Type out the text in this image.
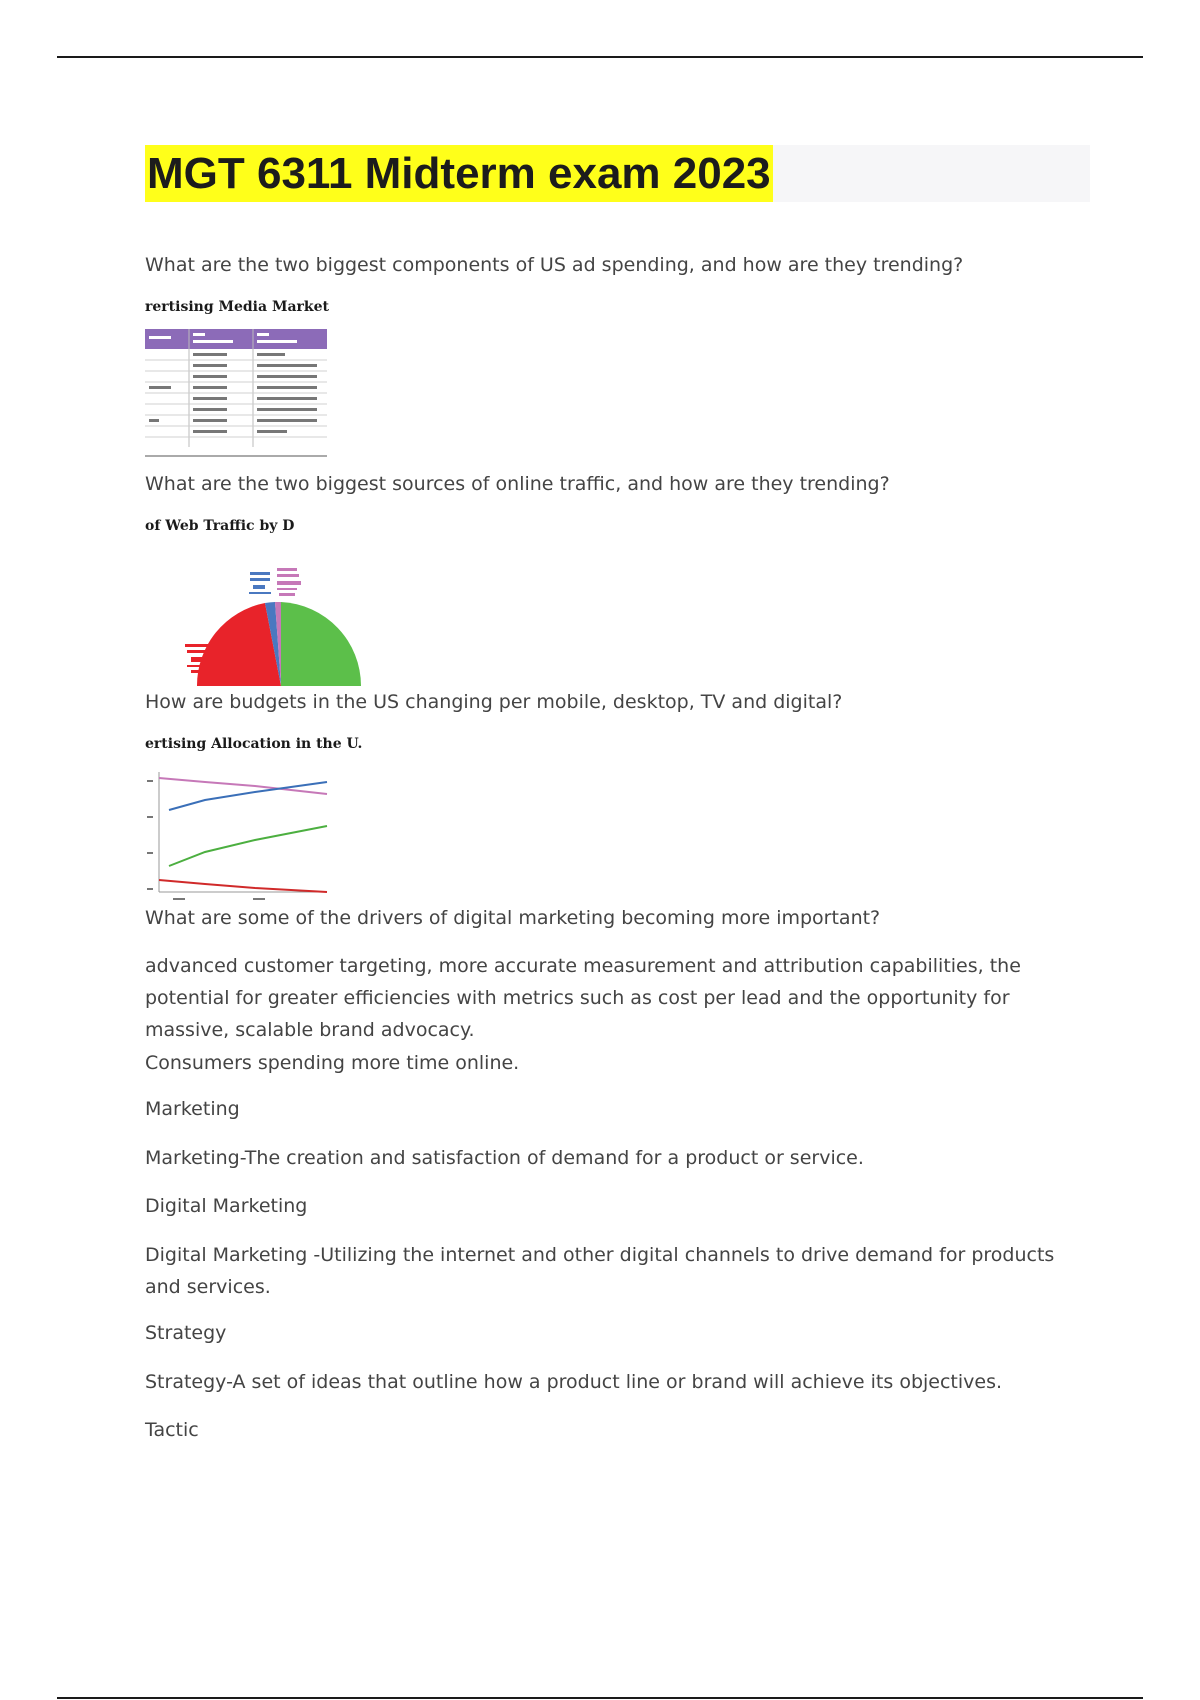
MGT 6311 Midterm exam 2023

What are the two biggest components of US ad spending, and how are they trending?

rertising Media Market

What are the two biggest sources of online traffic, and how are they trending?

of Web Traffic by D

How are budgets in the US changing per mobile, desktop, TV and digital?

ertising Allocation in the U.

What are some of the drivers of digital marketing becoming more important?

advanced customer targeting, more accurate measurement and attribution capabilities, the potential for greater efficiencies with metrics such as cost per lead and the opportunity for massive, scalable brand advocacy.

Consumers spending more time online.

Marketing

Marketing-The creation and satisfaction of demand for a product or service.

Digital Marketing

Digital Marketing -Utilizing the internet and other digital channels to drive demand for products and services.

Strategy

Strategy-A set of ideas that outline how a product line or brand will achieve its objectives.

Tactic
